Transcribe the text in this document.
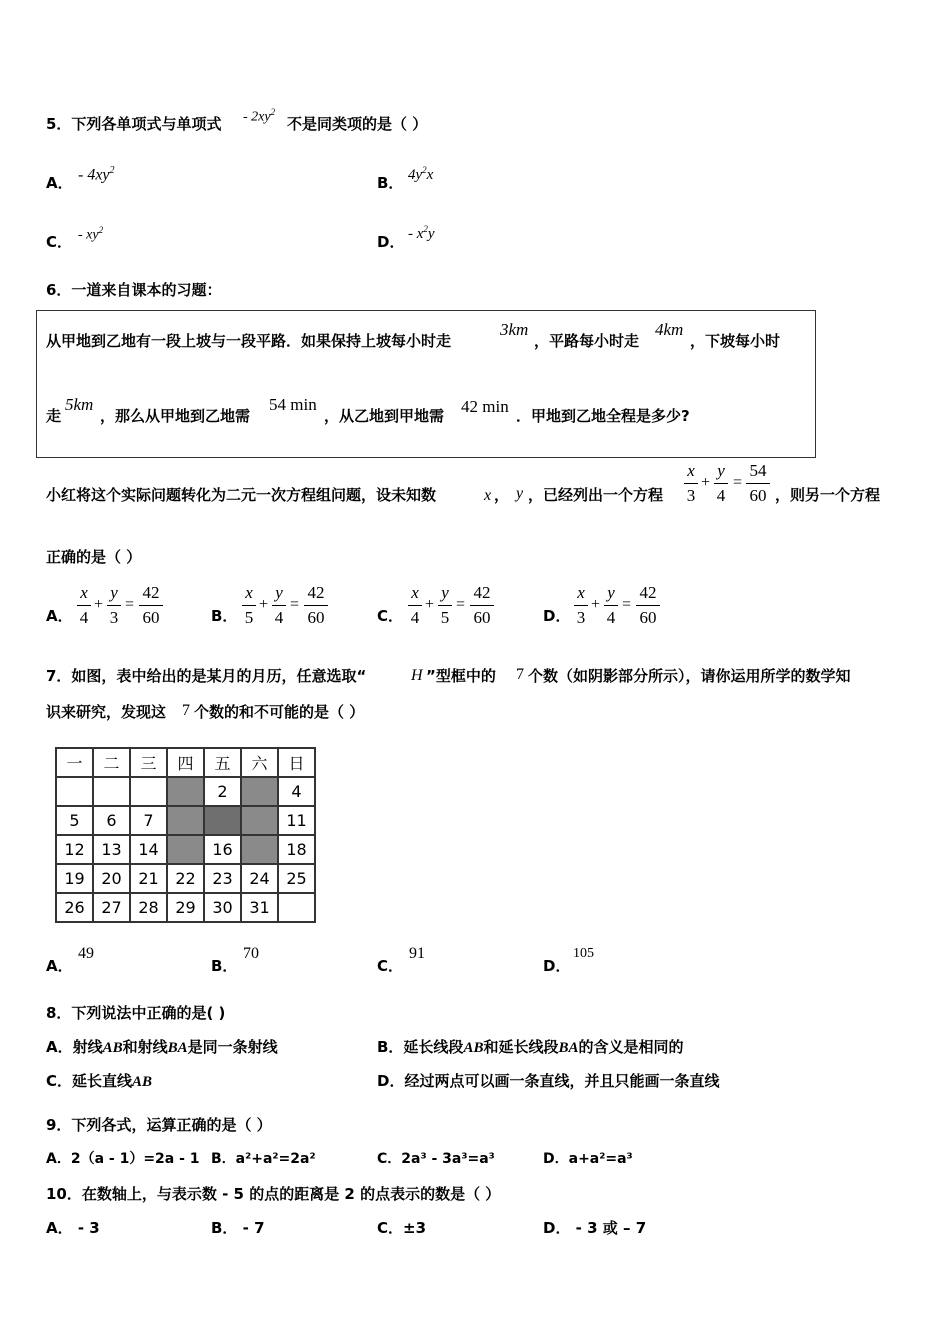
5．下列各单项式与单项式 - $2xy^2$
不是同类项的是（ ）
A． - $4xy^2$
B． $4y^2x$
C． - $xy^2$
D． - $x^2y$
6．一道来自课本的习题：
从甲地到乙地有一段上坡与一段平路．如果保持上坡每小时走
3km
，平路每小时走
4km
，下坡每小时
走
5km
，那么从甲地到乙地需
54 min
，从乙地到甲地需 42 min ．甲地到乙地全程是多少?
小红将这个实际问题转化为二元一次方程组问题，设未知数	x ， y ，已经列出一个方程
x
3
+
y
4
=
54
60 ，则另一个方程
正确的是（ ）
A．
x
4
+
y
3
=
42
60	B．
x
5
+
y
4
=
42
60	C．
x
4
+
y
5
=
42
60	D．
x
3
+
y
4
=
42
60
7．如图，表中给出的是某月的月历，任意选取“	H ”型框中的 7 个数（如阴影部分所示），请你运用所学的数学知
识来研究，发现这 7 个数的和不可能的是（ ）
一	二	三	四	五	六	日
				2		4
5	6	7				11
12	13	14		16		18
19	20	21	22	23	24	25
26	27	28	29	30	31	
A．
49
B．
70
C．
91
D．
105
8．下列说法中正确的是( )
A．射线AB和射线BA是同一条射线	B．延长线段AB和延长线段BA的含义是相同的
C．延长直线AB	D．经过两点可以画一条直线，并且只能画一条直线
9．下列各式，运算正确的是（ ）
A．2（a - 1）=2a - 1 B．a²+a²=2a²	C．2a³ - 3a³=a³	D．a+a²=a³
10．在数轴上，与表示数 - 5 的点的距离是 2 的点表示的数是（ ）
A． - 3	B． - 7	C．±3	D． - 3 或 – 7
